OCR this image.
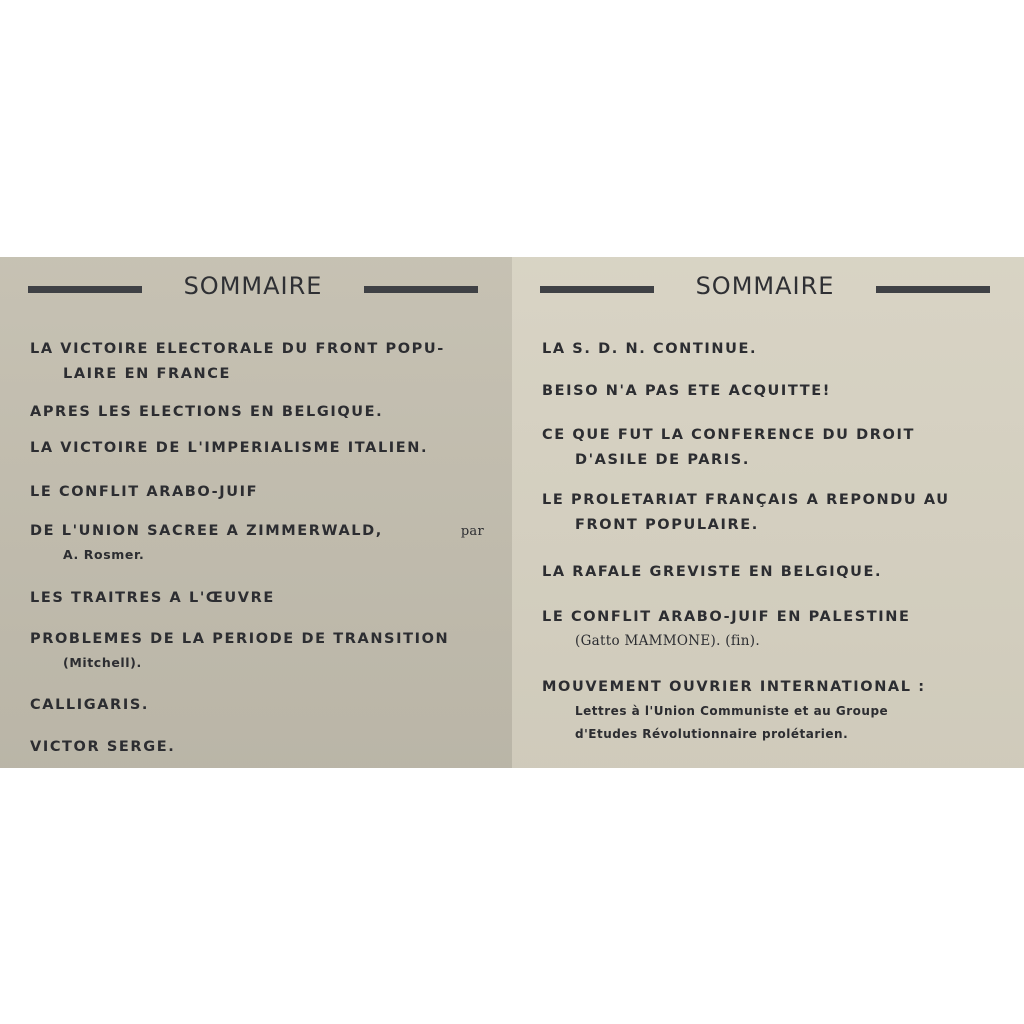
SOMMAIRE
LA VICTOIRE ELECTORALE DU FRONT POPU-
LAIRE EN FRANCE
APRES LES ELECTIONS EN BELGIQUE.
LA VICTOIRE DE L'IMPERIALISME ITALIEN.
LE CONFLIT ARABO-JUIF
DE L'UNION SACREE A ZIMMERWALD,	par
A. Rosmer.
LES TRAITRES A L'ŒUVRE
PROBLEMES DE LA PERIODE DE TRANSITION
(Mitchell).
CALLIGARIS.
VICTOR SERGE.
SOMMAIRE
LA S. D. N. CONTINUE.
BEISO N'A PAS ETE ACQUITTE!
CE QUE FUT LA CONFERENCE DU DROIT
D'ASILE DE PARIS.
LE PROLETARIAT FRANÇAIS A REPONDU AU
FRONT POPULAIRE.
LA RAFALE GREVISTE EN BELGIQUE.
LE CONFLIT ARABO-JUIF EN PALESTINE
(Gatto MAMMONE). (fin).
MOUVEMENT OUVRIER INTERNATIONAL :
Lettres à l'Union Communiste et au Groupe
d'Etudes Révolutionnaire prolétarien.
